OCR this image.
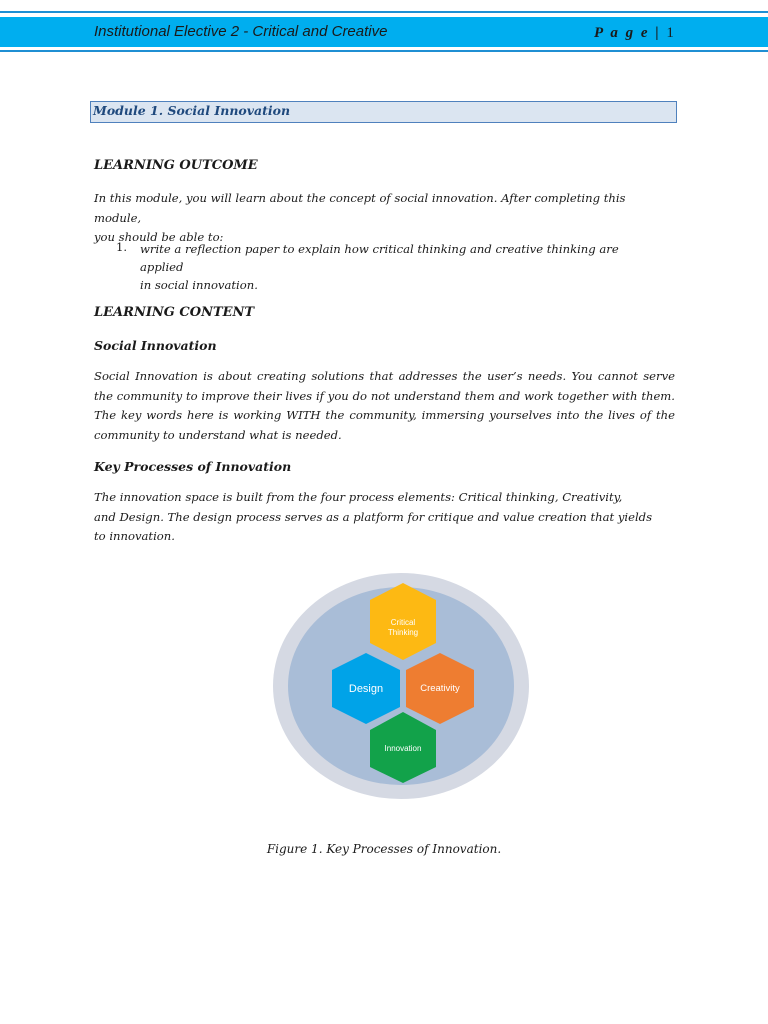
Institutional Elective 2 - Critical and Creative	P a g e | 1
Module 1. Social Innovation
LEARNING OUTCOME
In this module, you will learn about the concept of social innovation. After completing this module,
you should be able to:
1. write a reflection paper to explain how critical thinking and creative thinking are applied
in social innovation.
LEARNING CONTENT
Social Innovation
Social Innovation is about creating solutions that addresses the user’s needs. You cannot serve the community to improve their lives if you do not understand them and work together with them. The key words here is working WITH the community, immersing yourselves into the lives of the community to understand what is needed.
Key Processes of Innovation
The innovation space is built from the four process elements: Critical thinking, Creativity,
and Design. The design process serves as a platform for critique and value creation that yields
to innovation.
Critical
Thinking
Design	Creativity
Innovation
Figure 1. Key Processes of Innovation.
